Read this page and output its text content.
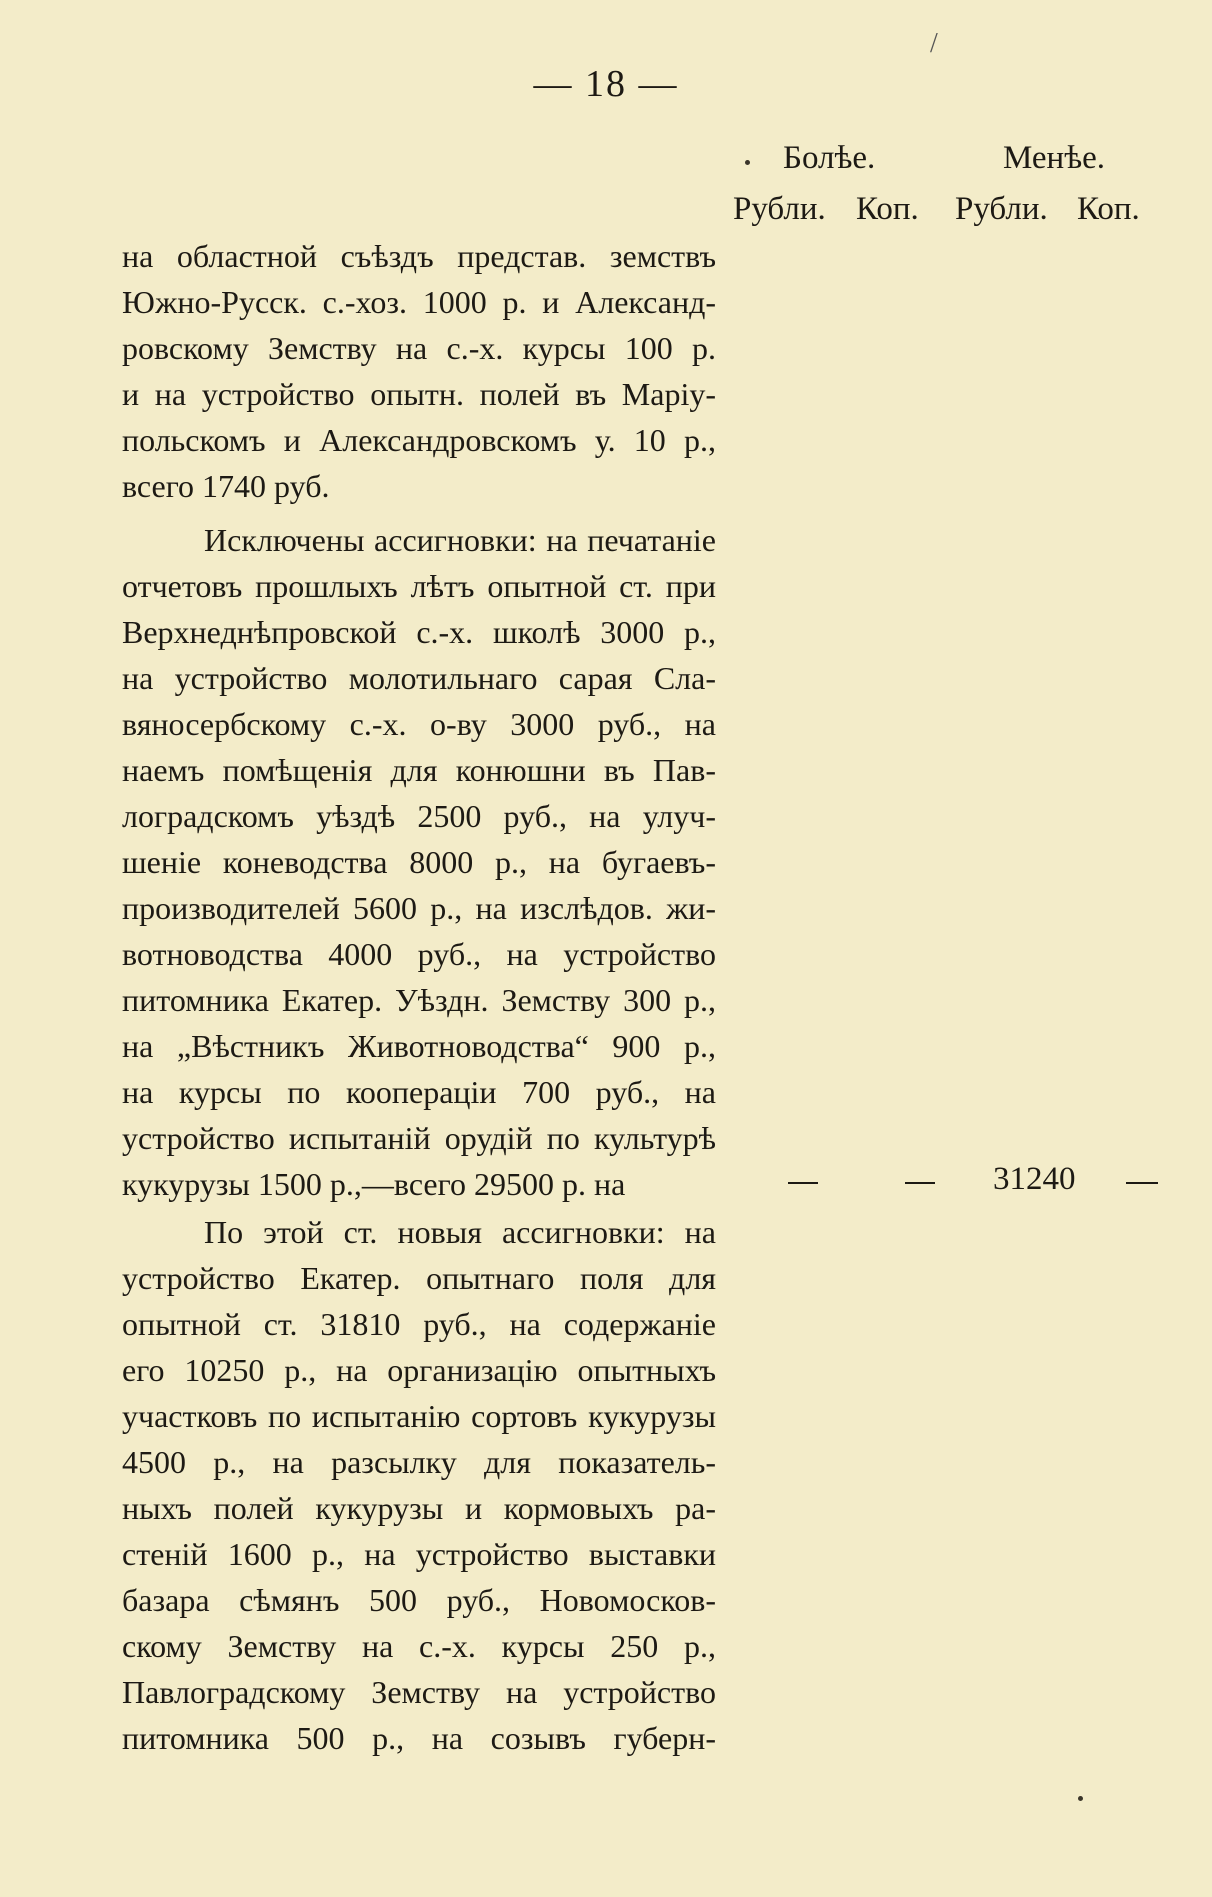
— 18 —
/
Болѣе.	Менѣе.
Рубли. Коп. Рубли. Коп.
на областной съѣздъ представ. земствъ
Южно-Русск. с.-хоз. 1000 р. и Александ-
ровскому Земству на с.-х. курсы 100 р.
и на устройство опытн. полей въ Маріу-
польскомъ и Александровскомъ у. 10 р.,
всего 1740 руб.
Исключены ассигновки: на печатаніе
отчетовъ прошлыхъ лѣтъ опытной ст. при
Верхнеднѣпровской с.-х. школѣ 3000 р.,
на устройство молотильнаго сарая Сла-
вяносербскому с.-х. о-ву 3000 руб., на
наемъ помѣщенія для конюшни въ Пав-
лоградскомъ уѣздѣ 2500 руб., на улуч-
шеніе коневодства 8000 р., на бугаевъ-
производителей 5600 р., на изслѣдов. жи-
вотноводства 4000 руб., на устройство
питомника Екатер. Уѣздн. Земству 300 р.,
на „Вѣстникъ Животноводства“ 900 р.,
на курсы по коопераціи 700 руб., на
устройство испытаній орудій по культурѣ
кукурузы 1500 р.,—всего 29500 р. на
По этой ст. новыя ассигновки: на
устройство Екатер. опытнаго поля для
опытной ст. 31810 руб., на содержаніе
его 10250 р., на организацію опытныхъ
участковъ по испытанію сортовъ кукурузы
4500 р., на разсылку для показатель-
ныхъ полей кукурузы и кормовыхъ ра-
стеній 1600 р., на устройство выставки
базара сѣмянъ 500 руб., Новомосков-
скому Земству на с.-х. курсы 250 р.,
Павлоградскому Земству на устройство
питомника 500 р., на созывъ губерн-
31240
